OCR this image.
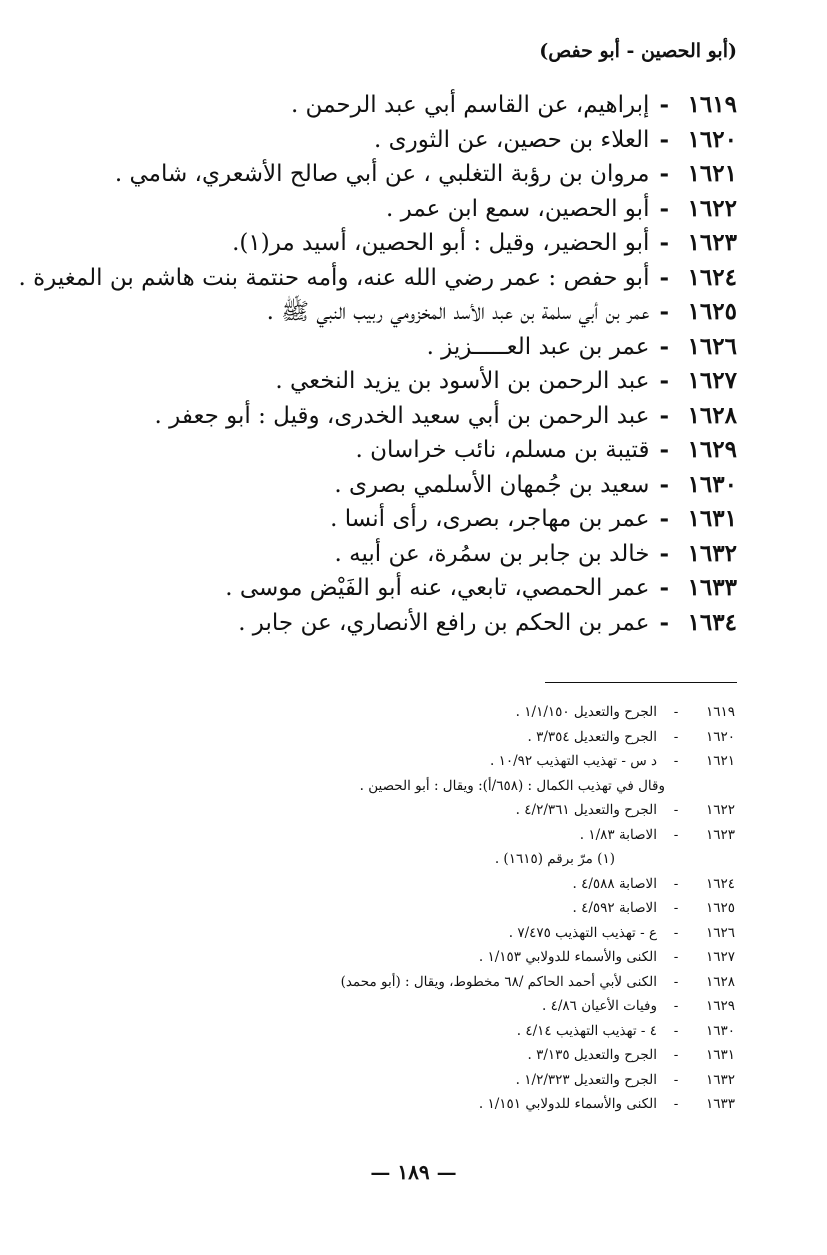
(أبو الحصين - أبو حفص)
١٦١٩
-
إبراهيم، عن القاسم أبي عبد الرحمن .
١٦٢٠
-
العلاء بن حصين، عن الثورى .
١٦٢١
-
مروان بن رؤبة التغلبي ، عن أبي صالح الأشعري، شامي .
١٦٢٢
-
أبو الحصين، سمع ابن عمر .
١٦٢٣
-
أبو الحضير، وقيل : أبو الحصين، أسيد مر(١).
١٦٢٤
-
أبو حفص : عمر رضي الله عنه، وأمه حنتمة بنت هاشم بن المغيرة .
١٦٢٥
-
عمر بن أبي سلمة بن عبد الأسد المخزومي ربيب النبي ﷺ .
١٦٢٦
-
عمر بن عبد العـــــزيز .
١٦٢٧
-
عبد الرحمن بن الأسود بن يزيد النخعي .
١٦٢٨
-
عبد الرحمن بن أبي سعيد الخدرى، وقيل : أبو جعفر .
١٦٢٩
-
قتيبة بن مسلم، نائب خراسان .
١٦٣٠
-
سعيد بن جُمهان الأسلمي بصرى .
١٦٣١
-
عمر بن مهاجر، بصرى، رأى أنسا .
١٦٣٢
-
خالد بن جابر بن سمُرة، عن أبيه .
١٦٣٣
-
عمر الحمصي، تابعي، عنه أبو الفَيْض موسى .
١٦٣٤
-
عمر بن الحكم بن رافع الأنصاري، عن جابر .
١٦١٩
-
الجرح والتعديل ١/١/١٥٠ .
١٦٢٠
-
الجرح والتعديل ٣/٣٥٤ .
١٦٢١
-
د س - تهذيب التهذيب ١٠/٩٢ .
وقال في تهذيب الكمال : (٦٥٨/أ): ويقال : أبو الحصين .
١٦٢٢
-
الجرح والتعديل ٤/٢/٣٦١ .
١٦٢٣
-
الاصابة ١/٨٣ .
(١) مرّ برقم (١٦١٥) .
١٦٢٤
-
الاصابة ٤/٥٨٨ .
١٦٢٥
-
الاصابة ٤/٥٩٢ .
١٦٢٦
-
ع - تهذيب التهذيب ٧/٤٧٥ .
١٦٢٧
-
الكنى والأسماء للدولابي ١/١٥٣ .
١٦٢٨
-
الكنى لأبي أحمد الحاكم /٦٨ مخطوط، ويقال : (أبو محمد)
١٦٢٩
-
وفيات الأعيان ٤/٨٦ .
١٦٣٠
-
٤ - تهذيب التهذيب ٤/١٤ .
١٦٣١
-
الجرح والتعديل ٣/١٣٥ .
١٦٣٢
-
الجرح والتعديل ١/٢/٣٢٣ .
١٦٣٣
-
الكنى والأسماء للدولابي ١/١٥١ .
— ١٨٩ —
